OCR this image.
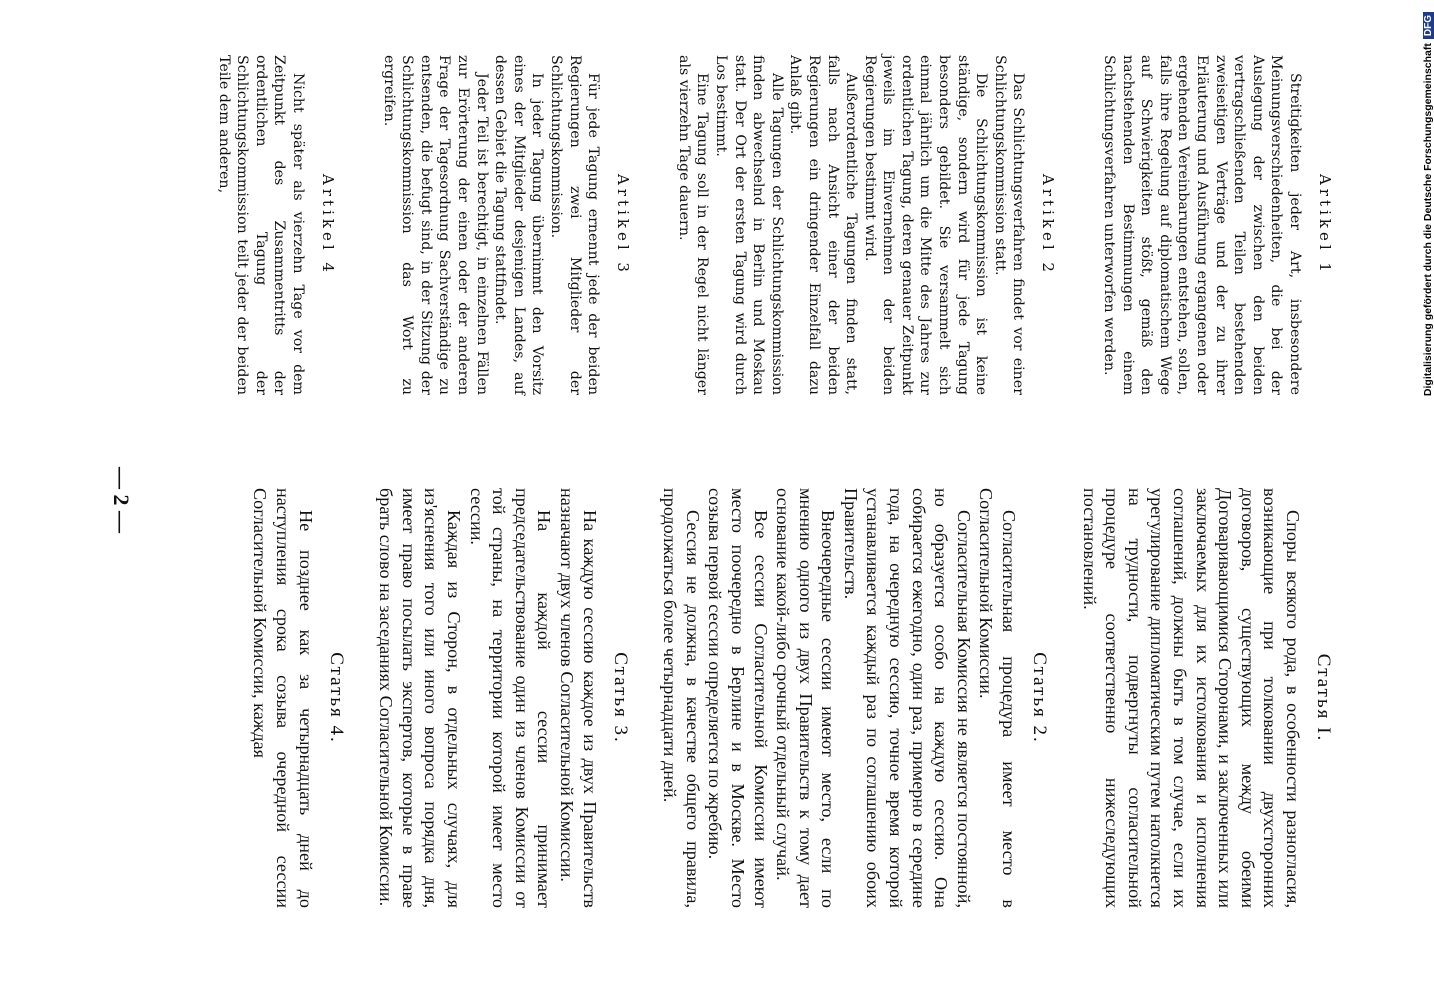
— 2 —
Artikel 1

Streitigkeiten jeder Art, insbesondere Meinungsverschiedenheiten, die bei der Auslegung der zwischen den beiden vertragschließenden Teilen bestehenden zweiseitigen Verträge und der zu ihrer Erläuterung und Ausführung ergangenen oder ergehenden Vereinbarungen entstehen, sollen, falls ihre Regelung auf diplomatischem Wege auf Schwierigkeiten stößt, gemäß den nachstehenden Bestimmungen einem Schlichtungsverfahren unterworfen werden.

Artikel 2

Das Schlichtungsverfahren findet vor einer Schlichtungskommission statt.

Die Schlichtungskommission ist keine ständige, sondern wird für jede Tagung besonders gebildet. Sie versammelt sich einmal jährlich um die Mitte des Jahres zur ordentlichen Tagung, deren genauer Zeitpunkt jeweils im Einvernehmen der beiden Regierungen bestimmt wird.

Außerordentliche Tagungen finden statt, falls nach Ansicht einer der beiden Regierungen ein dringender Einzelfall dazu Anlaß gibt.

Alle Tagungen der Schlichtungskommission finden abwechselnd in Berlin und Moskau statt. Der Ort der ersten Tagung wird durch Los bestimmt.

Eine Tagung soll in der Regel nicht länger als vierzehn Tage dauern.

Artikel 3

Für jede Tagung ernennt jede der beiden Regierungen zwei Mitglieder der Schlichtungskommission.

In jeder Tagung übernimmt den Vorsitz eines der Mitglieder desjenigen Landes, auf dessen Gebiet die Tagung stattfindet.

Jeder Teil ist berechtigt, in einzelnen Fällen zur Erörterung der einen oder der anderen Frage der Tagesordnung Sachverständige zu entsenden, die befugt sind, in der Sitzung der Schlichtungskommission das Wort zu ergreifen.

Artikel 4

Nicht später als vierzehn Tage vor dem Zeitpunkt des Zusammentritts der ordentlichen Tagung der Schlichtungskommission teilt jeder der beiden Teile dem anderen,

Статья I.

Споры всякого рода, в особенности разногласия, возникающие при толковании двухсторонних договоров, существующих между обеими Договаривающимися Сторонами, и заключенных или заключаемых для их истолкования и исполнения соглашений, должны быть в том случае, если их урегулирование дипломатическим путем натолкнется на трудности, подвергнуты согласительной процедуре соответственно нижеследующих постановлений.

Статья 2.

Согласительная процедура имеет место в Согласительной Комиссии.

Согласительная Комиссия не является постоянной, но образуется особо на каждую сессию. Она собирается ежегодно, один раз, примерно в середине года, на очередную сессию, точное время которой устанавливается каждый раз по соглашению обоих Правительств.

Внеочередные сессии имеют место, если по мнению одного из двух Правительств к тому дает основание какой-либо срочный отдельный случай.

Все сессии Согласительной Комиссии имеют место поочередно в Берлине и в Москве. Место созыва первой сессии определяется по жребию.

Сессия не должна, в качестве общего правила, продолжаться более четырнадцати дней.

Статья 3.

На каждую сессию каждое из двух Правительств назначают двух членов Согласительной Комиссии.

На каждой сессии принимает председательствование один из членов Комиссии от той страны, на территории которой имеет место сессии.

Каждая из Сторон, в отдельных случаях, для из'яснения того или иного вопроса порядка дня, имеет право посылать экспертов, которые в праве брать слово на заседаниях Согласительной Комиссии.

Статья 4.

Не позднее как за четырнадцать дней до наступления срока созыва очередной сессии Согласительной Комиссии, каждая

Digitalisierung gefördert durch die Deutsche Forschungsgemeinschaft
DFG
